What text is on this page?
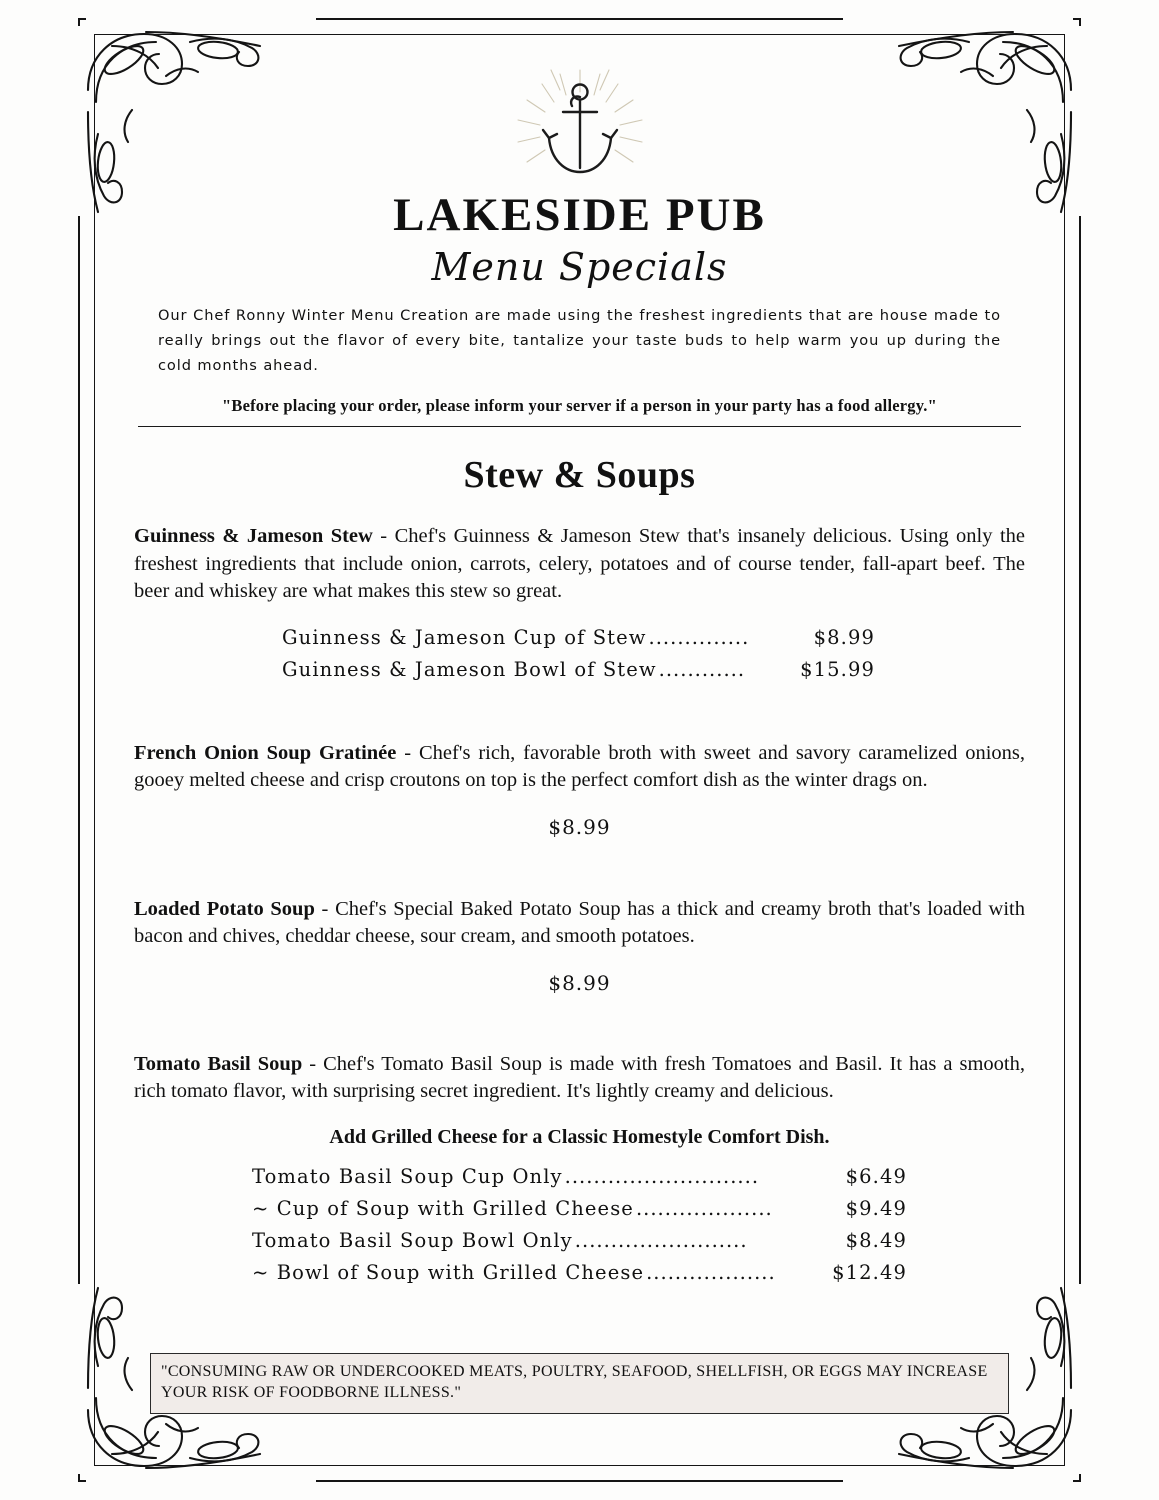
LAKESIDE PUB
Menu Specials
Our Chef Ronny Winter Menu Creation are made using the freshest ingredients that are house made to really brings out the flavor of every bite, tantalize your taste buds to help warm you up during the cold months ahead.
"Before placing your order, please inform your server if a person in your party has a food allergy."
Stew & Soups

Guinness & Jameson Stew - Chef's Guinness & Jameson Stew that's insanely delicious. Using only the freshest ingredients that include onion, carrots, celery, potatoes and of course tender, fall-apart beef. The beer and whiskey are what makes this stew so great.

Guinness & Jameson Cup of Stew ..............	$8.99
Guinness & Jameson Bowl of Stew ............	$15.99

French Onion Soup Gratinée - Chef's rich, favorable broth with sweet and savory caramelized onions, gooey melted cheese and crisp croutons on top is the perfect comfort dish as the winter drags on.

$8.99

Loaded Potato Soup - Chef's Special Baked Potato Soup has a thick and creamy broth that's loaded with bacon and chives, cheddar cheese, sour cream, and smooth potatoes.

$8.99

Tomato Basil Soup - Chef's Tomato Basil Soup is made with fresh Tomatoes and Basil. It has a smooth, rich tomato flavor, with surprising secret ingredient. It's lightly creamy and delicious.

Add Grilled Cheese for a Classic Homestyle Comfort Dish.
Tomato Basil Soup Cup Only ...........................	$6.49
~ Cup of Soup with Grilled Cheese ...................	$9.49
Tomato Basil Soup Bowl Only ........................	$8.49
~ Bowl of Soup with Grilled Cheese ..................	$12.49
"CONSUMING RAW OR UNDERCOOKED MEATS, POULTRY, SEAFOOD, SHELLFISH, OR EGGS MAY INCREASE YOUR RISK OF FOODBORNE ILLNESS."
